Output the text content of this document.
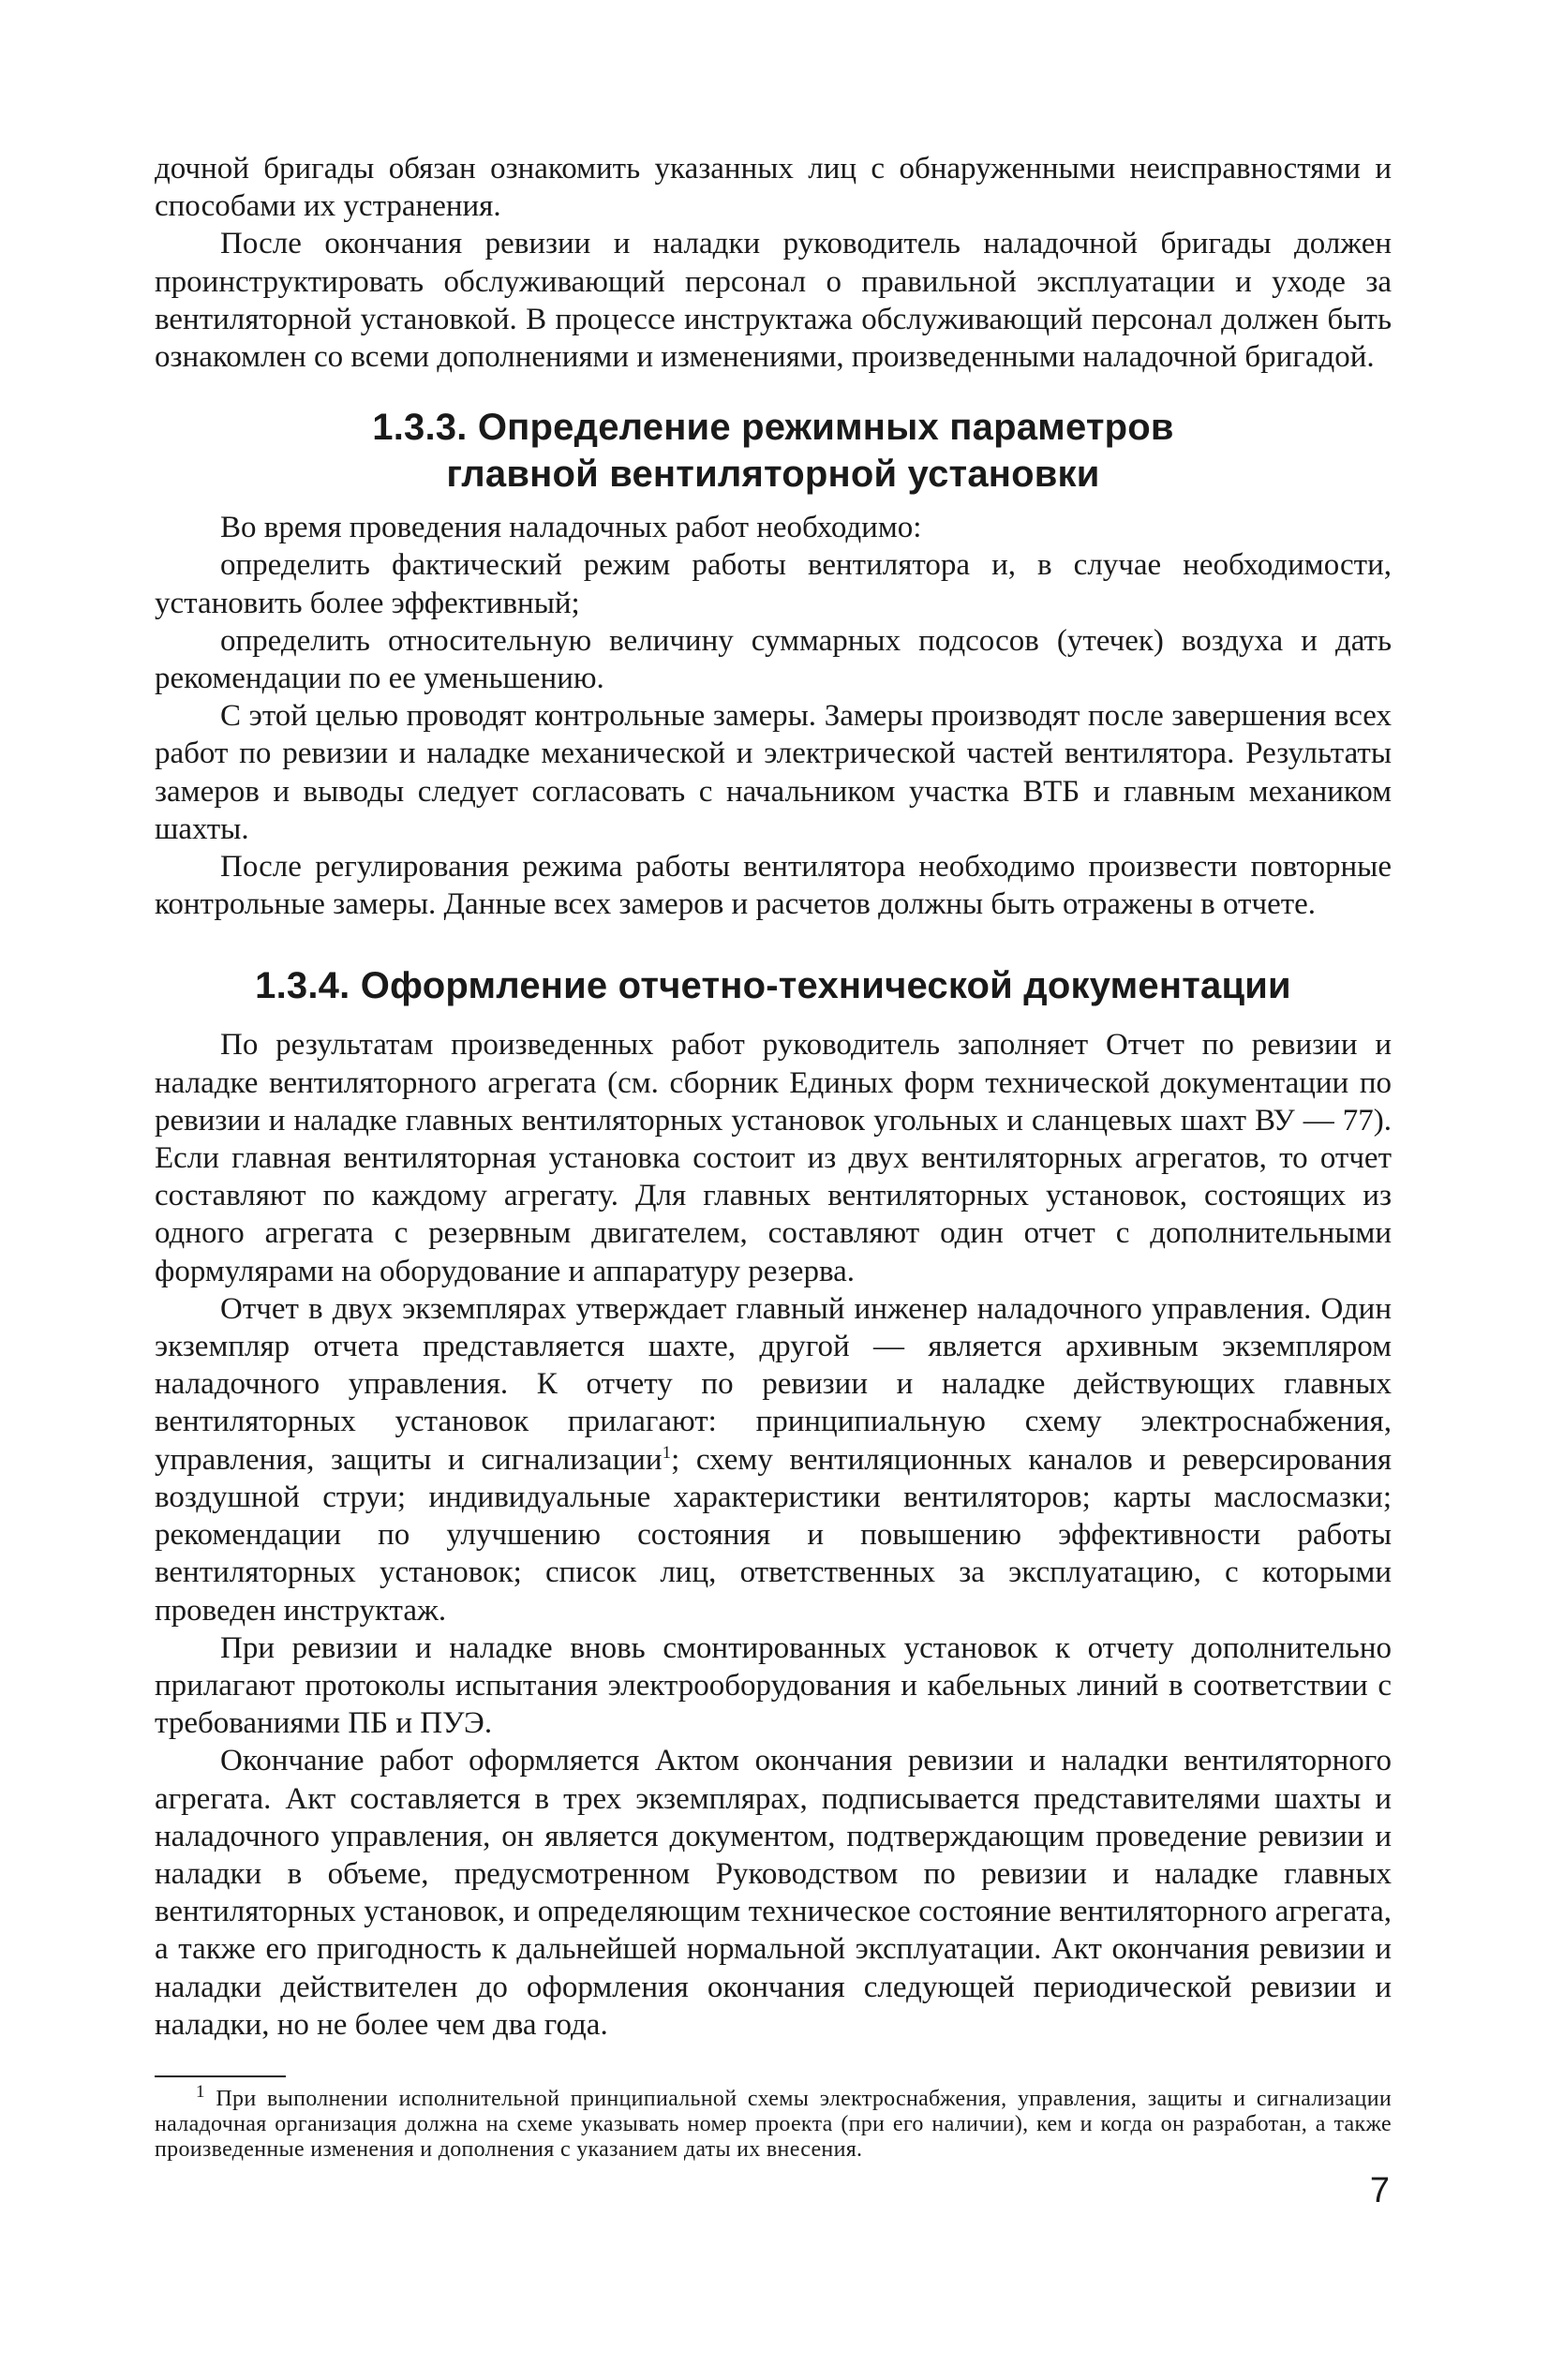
дочной бригады обязан ознакомить указанных лиц с обнаруженными неисправностями и способами их устранения.

После окончания ревизии и наладки руководитель наладочной бригады должен проинструктировать обслуживающий персонал о правильной эксплуатации и уходе за вентиляторной установкой. В процессе инструктажа обслуживающий персонал должен быть ознакомлен со всеми дополнениями и изменениями, произведенными наладочной бригадой.

1.3.3. Определение режимных параметров
главной вентиляторной установки

Во время проведения наладочных работ необходимо:

определить фактический режим работы вентилятора и, в случае необходимости, установить более эффективный;

определить относительную величину суммарных подсосов (утечек) воздуха и дать рекомендации по ее уменьшению.

С этой целью проводят контрольные замеры. Замеры производят после завершения всех работ по ревизии и наладке механической и электрической частей вентилятора. Результаты замеров и выводы следует согласовать с начальником участка ВТБ и главным механиком шахты.

После регулирования режима работы вентилятора необходимо произвести повторные контрольные замеры. Данные всех замеров и расчетов должны быть отражены в отчете.

1.3.4. Оформление отчетно-технической документации

По результатам произведенных работ руководитель заполняет Отчет по ревизии и наладке вентиляторного агрегата (см. сборник Единых форм технической документации по ревизии и наладке главных вентиляторных установок угольных и сланцевых шахт ВУ — 77). Если главная вентиляторная установка состоит из двух вентиляторных агрегатов, то отчет составляют по каждому агрегату. Для главных вентиляторных установок, состоящих из одного агрегата с резервным двигателем, составляют один отчет с дополнительными формулярами на оборудование и аппаратуру резерва.

Отчет в двух экземплярах утверждает главный инженер наладочного управления. Один экземпляр отчета представляется шахте, другой — является архивным экземпляром наладочного управления. К отчету по ревизии и наладке действующих главных вентиляторных установок прилагают: принципиальную схему электроснабжения, управления, защиты и сигнализации$^1$; схему вентиляционных каналов и реверсирования воздушной струи; индивидуальные характеристики вентиляторов; карты маслосмазки; рекомендации по улучшению состояния и повышению эффективности работы вентиляторных установок; список лиц, ответственных за эксплуатацию, с которыми проведен инструктаж.

При ревизии и наладке вновь смонтированных установок к отчету дополнительно прилагают протоколы испытания электрооборудования и кабельных линий в соответствии с требованиями ПБ и ПУЭ.

Окончание работ оформляется Актом окончания ревизии и наладки вентиляторного агрегата. Акт составляется в трех экземплярах, подписывается представителями шахты и наладочного управления, он является документом, подтверждающим проведение ревизии и наладки в объеме, предусмотренном Руководством по ревизии и наладке главных вентиляторных установок, и определяющим техническое состояние вентиляторного агрегата, а также его пригодность к дальнейшей нормальной эксплуатации. Акт окончания ревизии и наладки действителен до оформления окончания следующей периодической ревизии и наладки, но не более чем два года.

$^1$ При выполнении исполнительной принципиальной схемы электроснабжения, управления, защиты и сигнализации наладочная организация должна на схеме указывать номер проекта (при его наличии), кем и когда он разработан, а также произведенные изменения и дополнения с указанием даты их внесения.

7
